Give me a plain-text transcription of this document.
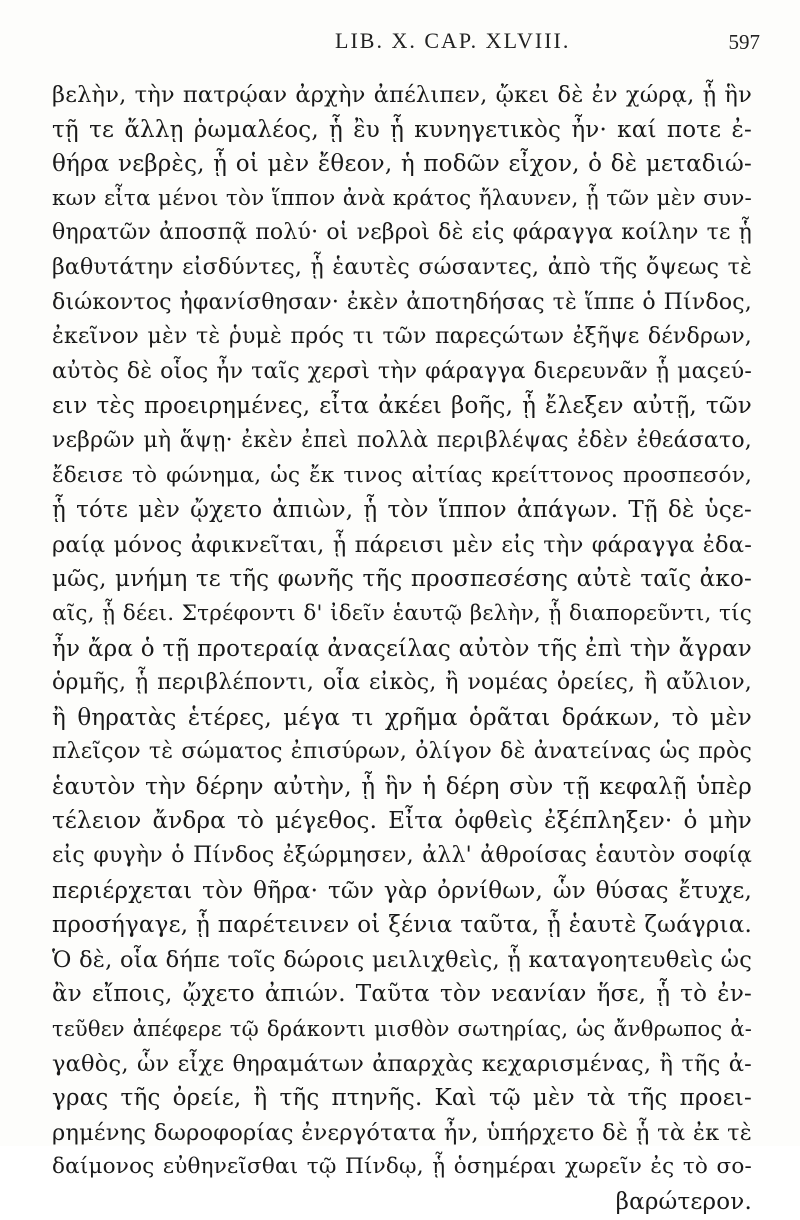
LIB. X. CAP. XLVIII.	597
βελὴν, τὴν πατρῴαν ἀρχὴν ἀπέλιπεν, ᾤκει δὲ ἐν χώρᾳ, ᾗ ἣν
τῇ τε ἄλλῃ ῥωμαλέος, ᾗ ἒυ ᾗ κυνηγετικὸς ἦν· καί ποτε ἐ-
θήρα νεβρὲς, ᾗ οἱ μὲν ἔθεον, ἡ ποδῶν εἶχον, ὁ δὲ μεταδιώ-
κων εἶτα μένοι τὸν ἵππον ἀνὰ κράτος ἤλαυνεν, ᾗ τῶν μὲν συν-
θηρατῶν ἀποσπᾷ πολύ· οἱ νεβροὶ δὲ εἰς φάραγγα κοίλην τε ᾗ
βαθυτάτην εἰσδύντες, ᾗ ἑαυτὲς σώσαντες, ἀπὸ τῆς ὄψεως τὲ
διώκοντος ἠφανίσθησαν· ἐκὲν ἀποτηδήσας τὲ ἵππε ὁ Πίνδος,
ἐκεῖνον μὲν τὲ ῥυμὲ πρός τι τῶν παρεςώτων ἐξῆψε δένδρων,
αὐτὸς δὲ οἷος ἦν ταῖς χερσὶ τὴν φάραγγα διερευνᾶν ᾗ μαςεύ-
ειν τὲς προειρημένες, εἶτα ἀκέει βοῆς, ᾗ ἔλεξεν αὐτῇ, τῶν
νεβρῶν μὴ ἅψῃ· ἐκὲν ἐπεὶ πολλὰ περιβλέψας ἐδὲν ἐθεάσατο,
ἔδεισε τὸ φώνημα, ὡς ἔκ τινος αἰτίας κρείττονος προσπεσόν,
ᾗ τότε μὲν ᾤχετο ἀπιὼν, ᾗ τὸν ἵππον ἀπάγων. Τῇ δὲ ὑςε-
ραίᾳ μόνος ἀφικνεῖται, ᾗ πάρεισι μὲν εἰς τὴν φάραγγα ἐδα-
μῶς, μνήμη τε τῆς φωνῆς τῆς προσπεσέσης αὐτὲ ταῖς ἀκο-
αῖς, ᾗ δέει. Στρέφοντι δ' ἰδεῖν ἑαυτῷ βελὴν, ᾗ διαπορεῦντι, τίς
ἦν ἄρα ὁ τῇ προτεραίᾳ ἀναςείλας αὐτὸν τῆς ἐπὶ τὴν ἄγραν
ὁρμῆς, ᾗ περιβλέποντι, οἷα εἰκὸς, ἢ νομέας ὀρείες, ἢ αὔλιον,
ἢ θηρατὰς ἑτέρες, μέγα τι χρῆμα ὁρᾶται δράκων, τὸ μὲν
πλεῖςον τὲ σώματος ἐπισύρων, ὀλίγον δὲ ἀνατείνας ὡς πρὸς
ἑαυτὸν τὴν δέρην αὐτὴν, ᾗ ἣν ἡ δέρη σὺν τῇ κεφαλῇ ὑπὲρ
τέλειον ἄνδρα τὸ μέγεθος. Εἶτα ὀφθεὶς ἐξέπληξεν· ὁ μὴν
εἰς φυγὴν ὁ Πίνδος ἐξώρμησεν, ἀλλ' ἀθροίσας ἑαυτὸν σοφίᾳ
περιέρχεται τὸν θῆρα· τῶν γὰρ ὀρνίθων, ὧν θύσας ἔτυχε,
προσήγαγε, ᾗ παρέτεινεν οἱ ξένια ταῦτα, ᾗ ἑαυτὲ ζωάγρια.
Ὁ δὲ, οἷα δήπε τοῖς δώροις μειλιχθεὶς, ᾗ καταγοητευθεὶς ὡς
ἂν εἴποις, ᾤχετο ἀπιών. Ταῦτα τὸν νεανίαν ἥσε, ᾗ τὸ ἐν-
τεῦθεν ἀπέφερε τῷ δράκοντι μισθὸν σωτηρίας, ὡς ἄνθρωπος ἀ-
γαθὸς, ὧν εἶχε θηραμάτων ἀπαρχὰς κεχαρισμένας, ἢ τῆς ἀ-
γρας τῆς ὀρείε, ἢ τῆς πτηνῆς. Καὶ τῷ μὲν τὰ τῆς προει-
ρημένης δωροφορίας ἐνεργότατα ἦν, ὑπήρχετο δὲ ᾗ τὰ ἐκ τὲ
δαίμονος εὐθηνεῖσθαι τῷ Πίνδῳ, ᾗ ὁσημέραι χωρεῖν ἐς τὸ σο-
βαρώτερον.
